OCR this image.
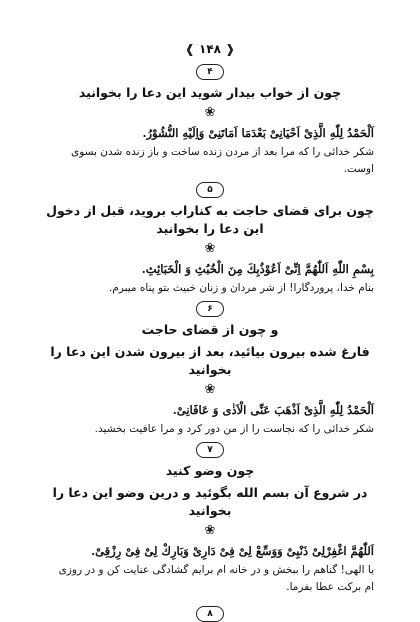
❰ ۱۴۸ ❱
۴
چون از خواب بیدار شوید این دعا را بخوانید
❀
اَلْحَمْدُ لِلّٰهِ الَّذِیْ اَحْیَانِیْ بَعْدَمَا اَمَاتَنِیْ وَاِلَیْهِ النُّشُوْرُ.
شکر خدائی را که مرا بعد از مردن زنده ساخت و باز زنده شدن بسوی اوست.
۵
چون برای قضای حاجت به کناراب بروید، قبل از دخول این دعا را بخوانید
❀
بِسْمِ اللّٰهِ اَللّٰهُمَّ اِنِّیْ اَعُوْذُبِكَ مِنَ الْخُبُثِ وَ الْخَبَائِثِ.
بنام خدا، پروردگارا! از شر مردان و زنان خبیث بتو پناه میبرم.
۶
و چون از قضای حاجت
فارغ شده بیرون بیائید، بعد از بیرون شدن این دعا را بخوانید
❀
اَلْحَمْدُ لِلّٰهِ الَّذِیْ اَذْهَبَ عَنِّی الْاَذٰی وَ عَافَانِیْ.
شکر خدائی را که نجاست را از من دور کرد و مرا عافیت بخشید.
۷
چون وضو کنید
در شروع آن بسم الله بگوئید و درین وضو این دعا را بخوانید
❀
اَللّٰهُمَّ اغْفِرْلِیْ ذَنْبِیْ وَوَسِّعْ لِیْ فِیْ دَارِیْ وَبَارِكْ لِیْ فِیْ رِزْقِیْ.
یا الهی! گناهم را ببخش و در خانه ام برایم گشادگی عنایت کن و در روزی ام برکت عطا بفرما.
۸
